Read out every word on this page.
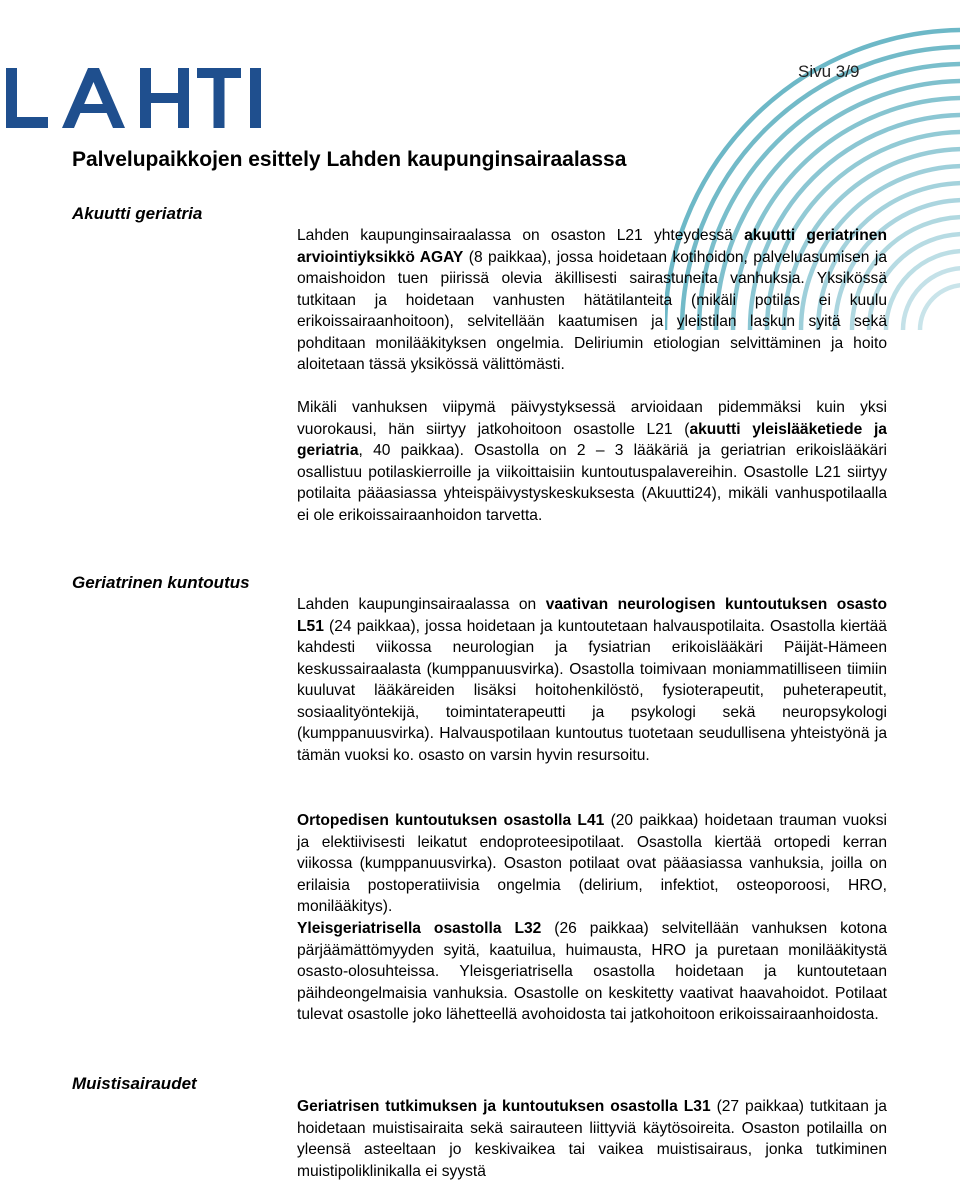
Sivu 3/9
Palvelupaikkojen esittely Lahden kaupunginsairaalassa
Akuutti geriatria

Lahden kaupunginsairaalassa on osaston L21 yhteydessä akuutti geriatrinen arviointiyksikkö AGAY (8 paikkaa), jossa hoidetaan kotihoidon, palveluasumisen ja omaishoidon tuen piirissä olevia äkillisesti sairastuneita vanhuksia. Yksikössä tutkitaan ja hoidetaan vanhusten hätätilanteita (mikäli potilas ei kuulu erikoissairaanhoitoon), selvitellään kaatumisen ja yleistilan laskun syitä sekä pohditaan monilääkityksen ongelmia. Deliriumin etiologian selvittäminen ja hoito aloitetaan tässä yksikössä välittömästi.

Mikäli vanhuksen viipymä päivystyksessä arvioidaan pidemmäksi kuin yksi vuorokausi, hän siirtyy jatkohoitoon osastolle L21 (akuutti yleislääketiede ja geriatria, 40 paikkaa). Osastolla on 2 – 3 lääkäriä ja geriatrian erikoislääkäri osallistuu potilaskierroille ja viikoittaisiin kuntoutuspalavereihin. Osastolle L21 siirtyy potilaita pääasiassa yhteispäivystyskeskuksesta (Akuutti24), mikäli vanhuspotilaalla ei ole erikoissairaanhoidon tarvetta.

Geriatrinen kuntoutus

Lahden kaupunginsairaalassa on vaativan neurologisen kuntoutuksen osasto L51 (24 paikkaa), jossa hoidetaan ja kuntoutetaan halvauspotilaita. Osastolla kiertää kahdesti viikossa neurologian ja fysiatrian erikoislääkäri Päijät-Hämeen keskussairaalasta (kumppanuusvirka). Osastolla toimivaan moniammatilliseen tiimiin kuuluvat lääkäreiden lisäksi hoitohenkilöstö, fysioterapeutit, puheterapeutit, sosiaalityöntekijä, toimintaterapeutti ja psykologi sekä neuropsykologi (kumppanuusvirka). Halvauspotilaan kuntoutus tuotetaan seudullisena yhteistyönä ja tämän vuoksi ko. osasto on varsin hyvin resursoitu.

Ortopedisen kuntoutuksen osastolla L41 (20 paikkaa) hoidetaan trauman vuoksi ja elektiivisesti leikatut endoproteesipotilaat. Osastolla kiertää ortopedi kerran viikossa (kumppanuusvirka). Osaston potilaat ovat pääasiassa vanhuksia, joilla on erilaisia postoperatiivisia ongelmia (delirium, infektiot, osteoporoosi, HRO, monilääkitys).

Yleisgeriatrisella osastolla L32 (26 paikkaa) selvitellään vanhuksen kotona pärjäämättömyyden syitä, kaatuilua, huimausta, HRO ja puretaan monilääkitystä osasto-olosuhteissa. Yleisgeriatrisella osastolla hoidetaan ja kuntoutetaan päihdeongelmaisia vanhuksia. Osastolle on keskitetty vaativat haavahoidot. Potilaat tulevat osastolle joko lähetteellä avohoidosta tai jatkohoitoon erikoissairaanhoidosta.

Muistisairaudet

Geriatrisen tutkimuksen ja kuntoutuksen osastolla L31 (27 paikkaa) tutkitaan ja hoidetaan muistisairaita sekä sairauteen liittyviä käytösoireita. Osaston potilailla on yleensä asteeltaan jo keskivaikea tai vaikea muistisairaus, jonka tutkiminen muistipoliklinikalla ei syystä
